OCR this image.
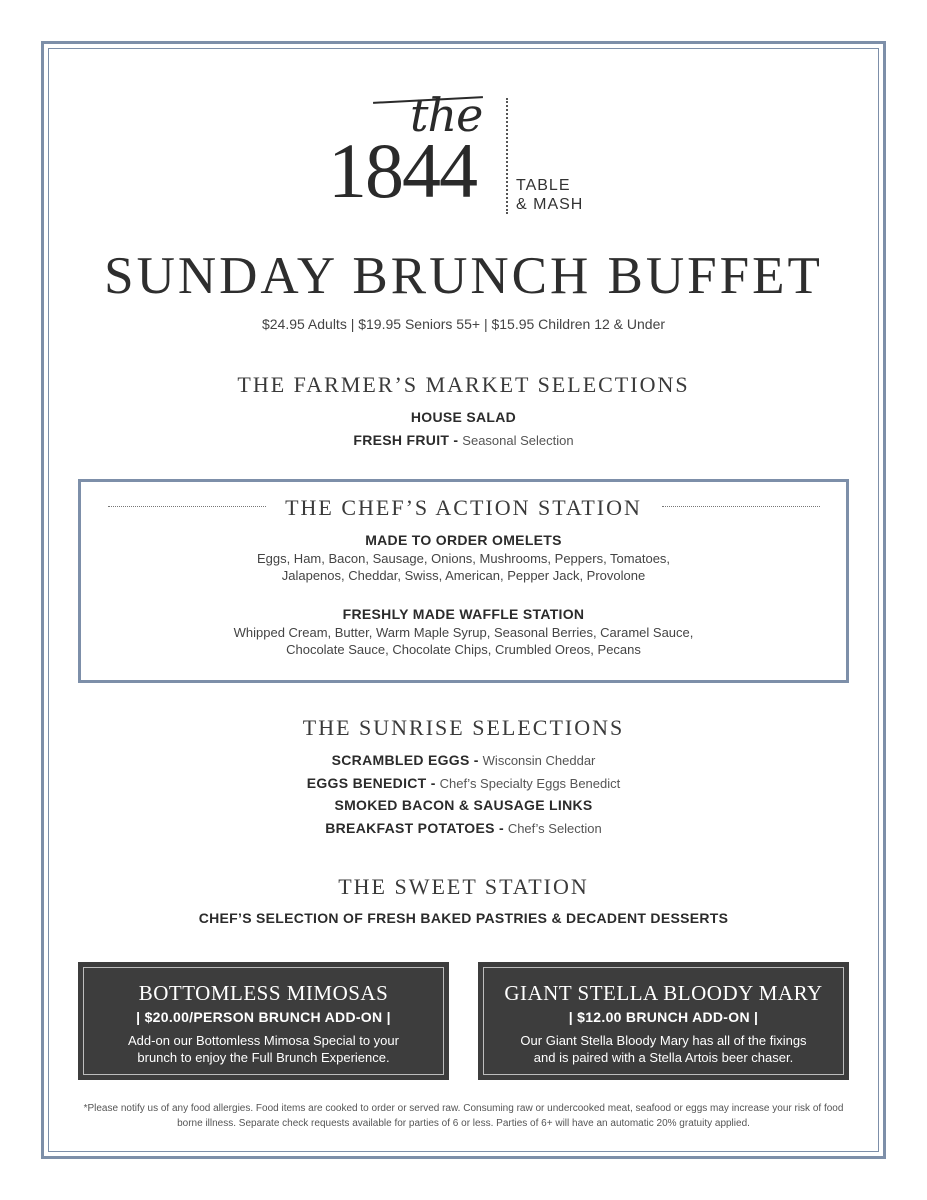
the
1844	TABLE
& MASH
SUNDAY BRUNCH BUFFET
$24.95 Adults | $19.95 Seniors 55+ | $15.95 Children 12 & Under
THE FARMER’S MARKET SELECTIONS
HOUSE SALAD
FRESH FRUIT - Seasonal Selection
THE CHEF’S ACTION STATION
MADE TO ORDER OMELETS
Eggs, Ham, Bacon, Sausage, Onions, Mushrooms, Peppers, Tomatoes,
Jalapenos, Cheddar, Swiss, American, Pepper Jack, Provolone
FRESHLY MADE WAFFLE STATION
Whipped Cream, Butter, Warm Maple Syrup, Seasonal Berries, Caramel Sauce,
Chocolate Sauce, Chocolate Chips, Crumbled Oreos, Pecans
THE SUNRISE SELECTIONS
SCRAMBLED EGGS - Wisconsin Cheddar
EGGS BENEDICT - Chef’s Specialty Eggs Benedict
SMOKED BACON & SAUSAGE LINKS
BREAKFAST POTATOES - Chef’s Selection
THE SWEET STATION
CHEF’S SELECTION OF FRESH BAKED PASTRIES & DECADENT DESSERTS
BOTTOMLESS MIMOSAS
| $20.00/PERSON BRUNCH ADD-ON |
Add-on our Bottomless Mimosa Special to your
brunch to enjoy the Full Brunch Experience.
GIANT STELLA BLOODY MARY
| $12.00 BRUNCH ADD-ON |
Our Giant Stella Bloody Mary has all of the fixings
and is paired with a Stella Artois beer chaser.
*Please notify us of any food allergies. Food items are cooked to order or served raw. Consuming raw or undercooked meat, seafood or eggs may increase your risk of food
borne illness. Separate check requests available for parties of 6 or less. Parties of 6+ will have an automatic 20% gratuity applied.
